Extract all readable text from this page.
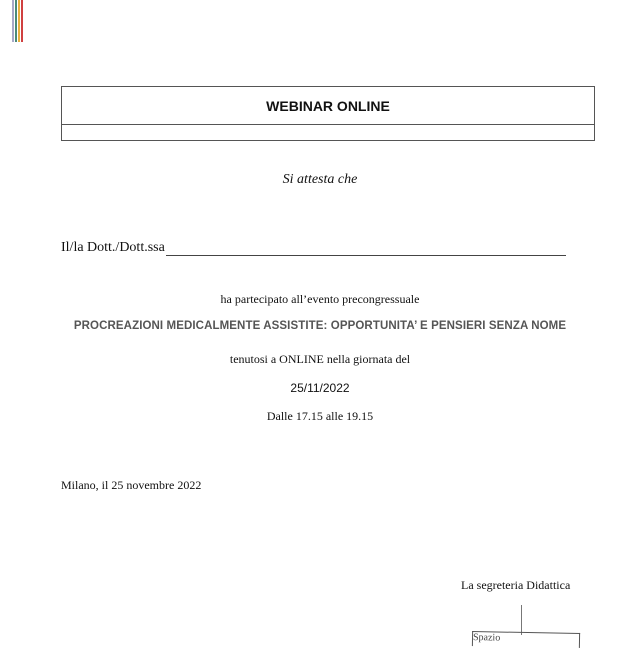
WEBINAR ONLINE
Si attesta che
Il/la Dott./Dott.ssa
ha partecipato all’evento precongressuale
PROCREAZIONI MEDICALMENTE ASSISTITE: OPPORTUNITA’ E PENSIERI SENZA NOME
tenutosi a ONLINE nella giornata del
25/11/2022
Dalle 17.15 alle 19.15
Milano, il 25 novembre 2022
La segreteria Didattica
Spazio
